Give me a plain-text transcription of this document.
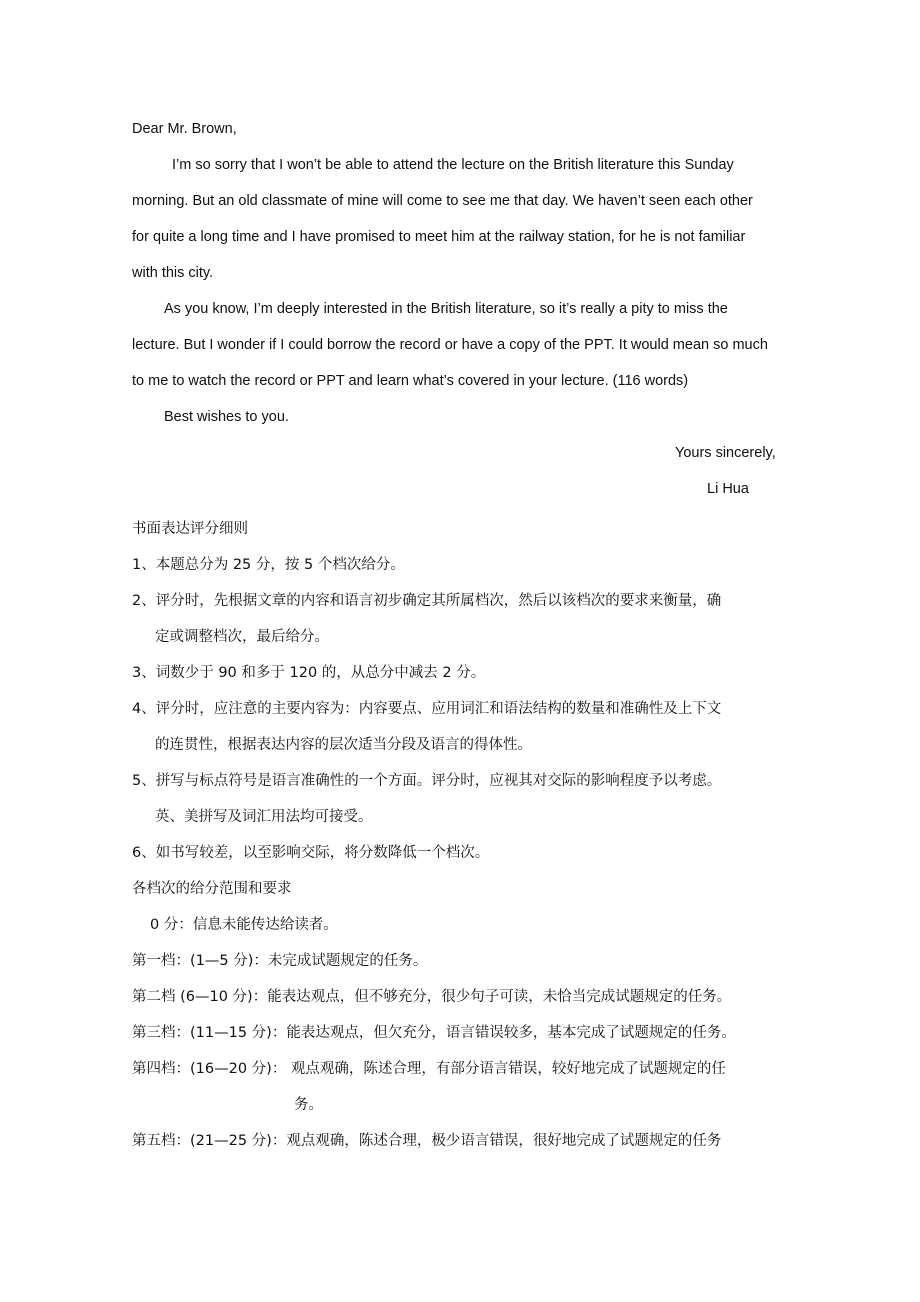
Dear Mr. Brown,
I’m so sorry that I won’t be able to attend the lecture on the British literature this Sunday
morning. But an old classmate of mine will come to see me that day. We haven’t seen each other
for quite a long time and I have promised to meet him at the railway station, for he is not familiar
with this city.
As you know, I’m deeply interested in the British literature, so it’s really a pity to miss the
lecture. But I wonder if I could borrow the record or have a copy of the PPT. It would mean so much
to me to watch the record or PPT and learn what’s covered in your lecture. (116 words)
Best wishes to you.
Yours sincerely,
Li Hua
书面表达评分细则
1、本题总分为 25 分，按 5 个档次给分。
2、评分时，先根据文章的内容和语言初步确定其所属档次，然后以该档次的要求来衡量，确
定或调整档次，最后给分。
3、词数少于 90 和多于 120 的，从总分中减去 2 分。
4、评分时，应注意的主要内容为：内容要点、应用词汇和语法结构的数量和准确性及上下文
的连贯性，根据表达内容的层次适当分段及语言的得体性。
5、拼写与标点符号是语言准确性的一个方面。评分时，应视其对交际的影响程度予以考虑。
英、美拼写及词汇用法均可接受。
6、如书写较差，以至影响交际，将分数降低一个档次。
各档次的给分范围和要求
0 分：信息未能传达给读者。
第一档：(1—5 分)：未完成试题规定的任务。
第二档 (6—10 分)：能表达观点，但不够充分，很少句子可读，未恰当完成试题规定的任务。
第三档：(11—15 分)：能表达观点，但欠充分，语言错误较多，基本完成了试题规定的任务。
第四档：(16—20 分)： 观点观确，陈述合理，有部分语言错误，较好地完成了试题规定的任
务。
第五档：(21—25 分)：观点观确，陈述合理，极少语言错误，很好地完成了试题规定的任务
